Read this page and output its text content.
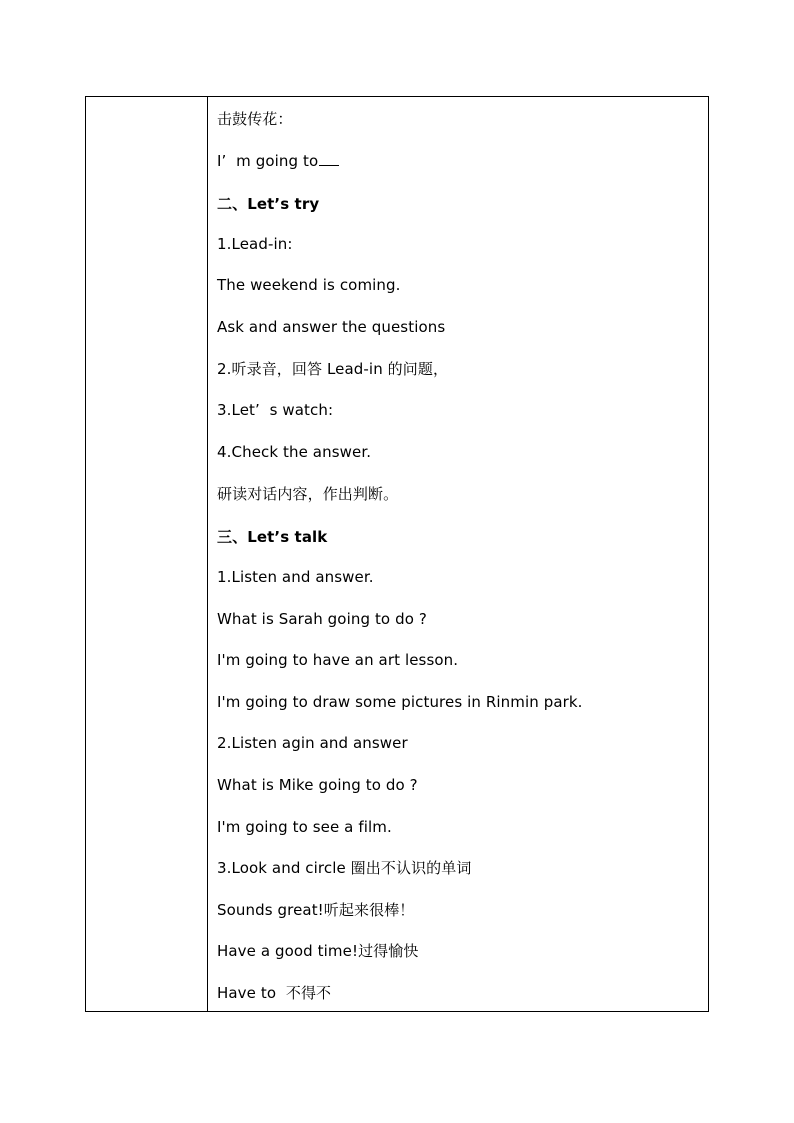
击鼓传花：
I’  m going to
二、Let’s try
1.Lead-in:
The weekend is coming.
Ask and answer the questions
2.听录音，回答 Lead-in 的问题，
3.Let’  s watch:
4.Check the answer.
研读对话内容，作出判断。
三、Let’s talk
1.Listen and answer.
What is Sarah going to do ?
I'm going to have an art lesson.
I'm going to draw some pictures in Rinmin park.
2.Listen agin and answer
What is Mike going to do ?
I'm going to see a film.
3.Look and circle 圈出不认识的单词
Sounds great!听起来很棒！
Have a good time!过得愉快
Have to  不得不
